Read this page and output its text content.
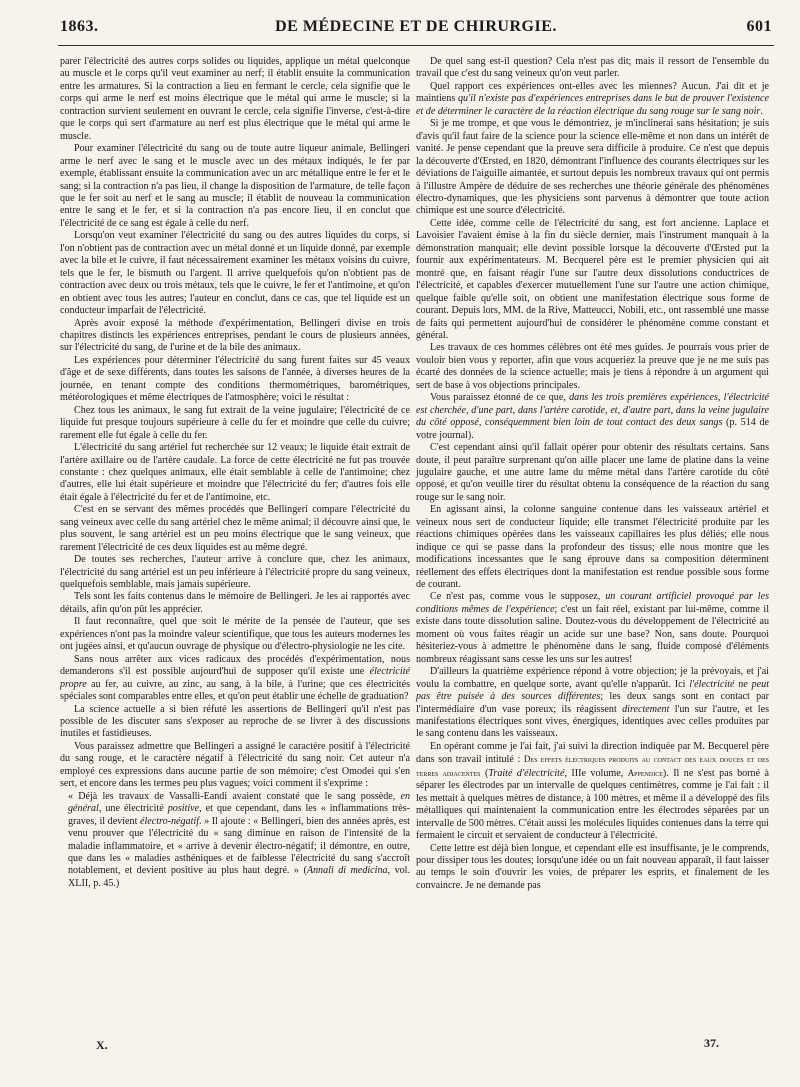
1863.	DE MÉDECINE ET DE CHIRURGIE.	601

parer l'électricité des autres corps solides ou liquides, applique un métal quelconque au muscle et le corps qu'il veut examiner au nerf; il établit ensuite la communication entre les armatures. Si la contraction a lieu en fermant le cercle, cela signifie que le corps qui arme le nerf est moins électrique que le métal qui arme le muscle; si la contraction survient seulement en ouvrant le cercle, cela signifie l'inverse, c'est-à-dire que le corps qui sert d'armature au nerf est plus électrique que le métal qui arme le muscle.

Pour examiner l'électricité du sang ou de toute autre liqueur animale, Bellingeri arme le nerf avec le sang et le muscle avec un des métaux indiqués, le fer par exemple, établissant ensuite la communication avec un arc métallique entre le fer et le sang; si la contraction n'a pas lieu, il change la disposition de l'armature, de telle façon que le fer soit au nerf et le sang au muscle; il établit de nouveau la communication entre le sang et le fer, et si la contraction n'a pas encore lieu, il en conclut que l'électricité de ce sang est égale à celle du nerf.

Lorsqu'on veut examiner l'électricité du sang ou des autres liquides du corps, si l'on n'obtient pas de contraction avec un métal donné et un liquide donné, par exemple avec la bile et le cuivre, il faut nécessairement examiner les métaux voisins du cuivre, tels que le fer, le bismuth ou l'argent. Il arrive quelquefois qu'on n'obtient pas de contraction avec deux ou trois métaux, tels que le cuivre, le fer et l'antimoine, et qu'on en obtient avec tous les autres; l'auteur en conclut, dans ce cas, que tel liquide est un conducteur imparfait de l'électricité.

Après avoir exposé la méthode d'expérimentation, Bellingeri divise en trois chapitres distincts les expériences entreprises, pendant le cours de plusieurs années, sur l'électricité du sang, de l'urine et de la bile des animaux.

Les expériences pour déterminer l'électricité du sang furent faites sur 45 veaux d'âge et de sexe différents, dans toutes les saisons de l'année, à diverses heures de la journée, en tenant compte des conditions thermométriques, barométriques, météorologiques et même électriques de l'atmosphère; voici le résultat :

Chez tous les animaux, le sang fut extrait de la veine jugulaire; l'électricité de ce liquide fut presque toujours supérieure à celle du fer et moindre que celle du cuivre; rarement elle fut égale à celle du fer.

L'électricité du sang artériel fut recherchée sur 12 veaux; le liquide était extrait de l'artère axillaire ou de l'artère caudale. La force de cette électricité ne fut pas trouvée constante : chez quelques animaux, elle était semblable à celle de l'antimoine; chez d'autres, elle lui était supérieure et moindre que l'électricité du fer; d'autres fois elle était égale à l'électricité du fer et de l'antimoine, etc.

C'est en se servant des mêmes procédés que Bellingeri compare l'électricité du sang veineux avec celle du sang artériel chez le même animal; il découvre ainsi que, le plus souvent, le sang artériel est un peu moins électrique que le sang veineux, que rarement l'électricité de ces deux liquides est au même degré.

De toutes ses recherches, l'auteur arrive à conclure que, chez les animaux, l'électricité du sang artériel est un peu inférieure à l'électricité propre du sang veineux, quelquefois semblable, mais jamais supérieure.

Tels sont les faits contenus dans le mémoire de Bellingeri. Je les ai rapportés avec détails, afin qu'on pût les apprécier.

Il faut reconnaître, quel que soit le mérite de la pensée de l'auteur, que ses expériences n'ont pas la moindre valeur scientifique, que tous les auteurs modernes les ont jugées ainsi, et qu'aucun ouvrage de physique ou d'électro-physiologie ne les cite.

Sans nous arrêter aux vices radicaux des procédés d'expérimentation, nous demanderons s'il est possible aujourd'hui de supposer qu'il existe une électricité propre au fer, au cuivre, au zinc, au sang, à la bile, à l'urine; que ces électricités spéciales sont comparables entre elles, et qu'on peut établir une échelle de graduation?

La science actuelle a si bien réfuté les assertions de Bellingeri qu'il n'est pas possible de les discuter sans s'exposer au reproche de se livrer à des discussions inutiles et fastidieuses.

Vous paraissez admettre que Bellingeri a assigné le caractère positif à l'électricité du sang rouge, et le caractère négatif à l'électricité du sang noir. Cet auteur n'a employé ces expressions dans aucune partie de son mémoire; c'est Omodei qui s'en sert, et encore dans les termes peu plus vagues; voici comment il s'exprime :

« Déjà les travaux de Vassalli-Eandi avaient constaté que le sang possède, en général, une électricité positive, et que cependant, dans les « inflammations très-graves, il devient électro-négatif. » Il ajoute : « Bellingeri, bien des années après, est venu prouver que l'électricité du « sang diminue en raison de l'intensité de la maladie inflammatoire, et « arrive à devenir électro-négatif; il démontre, en outre, que dans les « maladies asthéniques et de faiblesse l'électricité du sang s'accroît notablement, et devient positive au plus haut degré. » (Annali di medicina, vol. XLII, p. 45.)

De quel sang est-il question? Cela n'est pas dit; mais il ressort de l'ensemble du travail que c'est du sang veineux qu'on veut parler.

Quel rapport ces expériences ont-elles avec les miennes? Aucun. J'ai dit et je maintiens qu'il n'existe pas d'expériences entreprises dans le but de prouver l'existence et de déterminer le caractère de la réaction électrique du sang rouge sur le sang noir.

Si je me trompe, et que vous le démontriez, je m'inclinerai sans hésitation; je suis d'avis qu'il faut faire de la science pour la science elle-même et non dans un intérêt de vanité. Je pense cependant que la preuve sera difficile à produire. Ce n'est que depuis la découverte d'Œrsted, en 1820, démontrant l'influence des courants électriques sur les déviations de l'aiguille aimantée, et surtout depuis les nombreux travaux qui ont permis à l'illustre Ampère de déduire de ses recherches une théorie générale des phénomènes électro-dynamiques, que les physiciens sont parvenus à démontrer que toute action chimique est une source d'électricité.

Cette idée, comme celle de l'électricité du sang, est fort ancienne. Laplace et Lavoisier l'avaient émise à la fin du siècle dernier, mais l'instrument manquait à la démonstration manquait; elle devint possible lorsque la découverte d'Œrsted put la fournir aux expérimentateurs. M. Becquerel père est le premier physicien qui ait montré que, en faisant réagir l'une sur l'autre deux dissolutions conductrices de l'électricité, et capables d'exercer mutuellement l'une sur l'autre une action chimique, quelque faible qu'elle soit, on obtient une manifestation électrique sous forme de courant. Depuis lors, MM. de la Rive, Matteucci, Nobili, etc., ont rassemblé une masse de faits qui permettent aujourd'hui de considérer le phénomène comme constant et général.

Les travaux de ces hommes célèbres ont été mes guides. Je pourrais vous prier de vouloir bien vous y reporter, afin que vous acqueriez la preuve que je ne me suis pas écarté des données de la science actuelle; mais je tiens à répondre à un argument qui sert de base à vos objections principales.

Vous paraissez étonné de ce que, dans les trois premières expériences, l'électricité est cherchée, d'une part, dans l'artère carotide, et, d'autre part, dans la veine jugulaire du côté opposé, conséquemment bien loin de tout contact des deux sangs (p. 514 de votre journal).

C'est cependant ainsi qu'il fallait opérer pour obtenir des résultats certains. Sans doute, il peut paraître surprenant qu'on aille placer une lame de platine dans la veine jugulaire gauche, et une autre lame du même métal dans l'artère carotide du côté opposé, et qu'on veuille tirer du résultat obtenu la conséquence de la réaction du sang rouge sur le sang noir.

En agissant ainsi, la colonne sanguine contenue dans les vaisseaux artériel et veineux nous sert de conducteur liquide; elle transmet l'électricité produite par les réactions chimiques opérées dans les vaisseaux capillaires les plus déliés; elle nous indique ce qui se passe dans la profondeur des tissus; elle nous montre que les modifications incessantes que le sang éprouve dans sa composition déterminent réellement des effets électriques dont la manifestation est rendue possible sous forme de courant.

Ce n'est pas, comme vous le supposez, un courant artificiel provoqué par les conditions mêmes de l'expérience; c'est un fait réel, existant par lui-même, comme il existe dans toute dissolution saline. Doutez-vous du développement de l'électricité au moment où vous faites réagir un acide sur une base? Non, sans doute. Pourquoi hésiteriez-vous à admettre le phénomène dans le sang, fluide composé d'éléments nombreux réagissant sans cesse les uns sur les autres!

D'ailleurs la quatrième expérience répond à votre objection; je la prévoyais, et j'ai voulu la combattre, en quelque sorte, avant qu'elle n'apparût. Ici l'électricité ne peut pas être puisée à des sources différentes; les deux sangs sont en contact par l'intermédiaire d'un vase poreux; ils réagissent directement l'un sur l'autre, et les manifestations électriques sont vives, énergiques, identiques avec celles produites par le sang contenu dans les vaisseaux.

En opérant comme je l'ai fait, j'ai suivi la direction indiquée par M. Becquerel père dans son travail intitulé : Des effets électriques produits au contact des eaux douces et des terres adjacentes (Traité d'électricité, IIIe volume, Appendice). Il ne s'est pas borné à séparer les électrodes par un intervalle de quelques centimètres, comme je l'ai fait : il les mettait à quelques mètres de distance, à 100 mètres, et même il a développé des fils métalliques qui maintenaient la communication entre les électrodes séparées par un intervalle de 500 mètres. C'était aussi les molécules liquides contenues dans la terre qui fermaient le circuit et servaient de conducteur à l'électricité.

Cette lettre est déjà bien longue, et cependant elle est insuffisante, je le comprends, pour dissiper tous les doutes; lorsqu'une idée ou un fait nouveau apparaît, il faut laisser au temps le soin d'ouvrir les voies, de préparer les esprits, et finalement de les convaincre. Je ne demande pas

X.	37.
